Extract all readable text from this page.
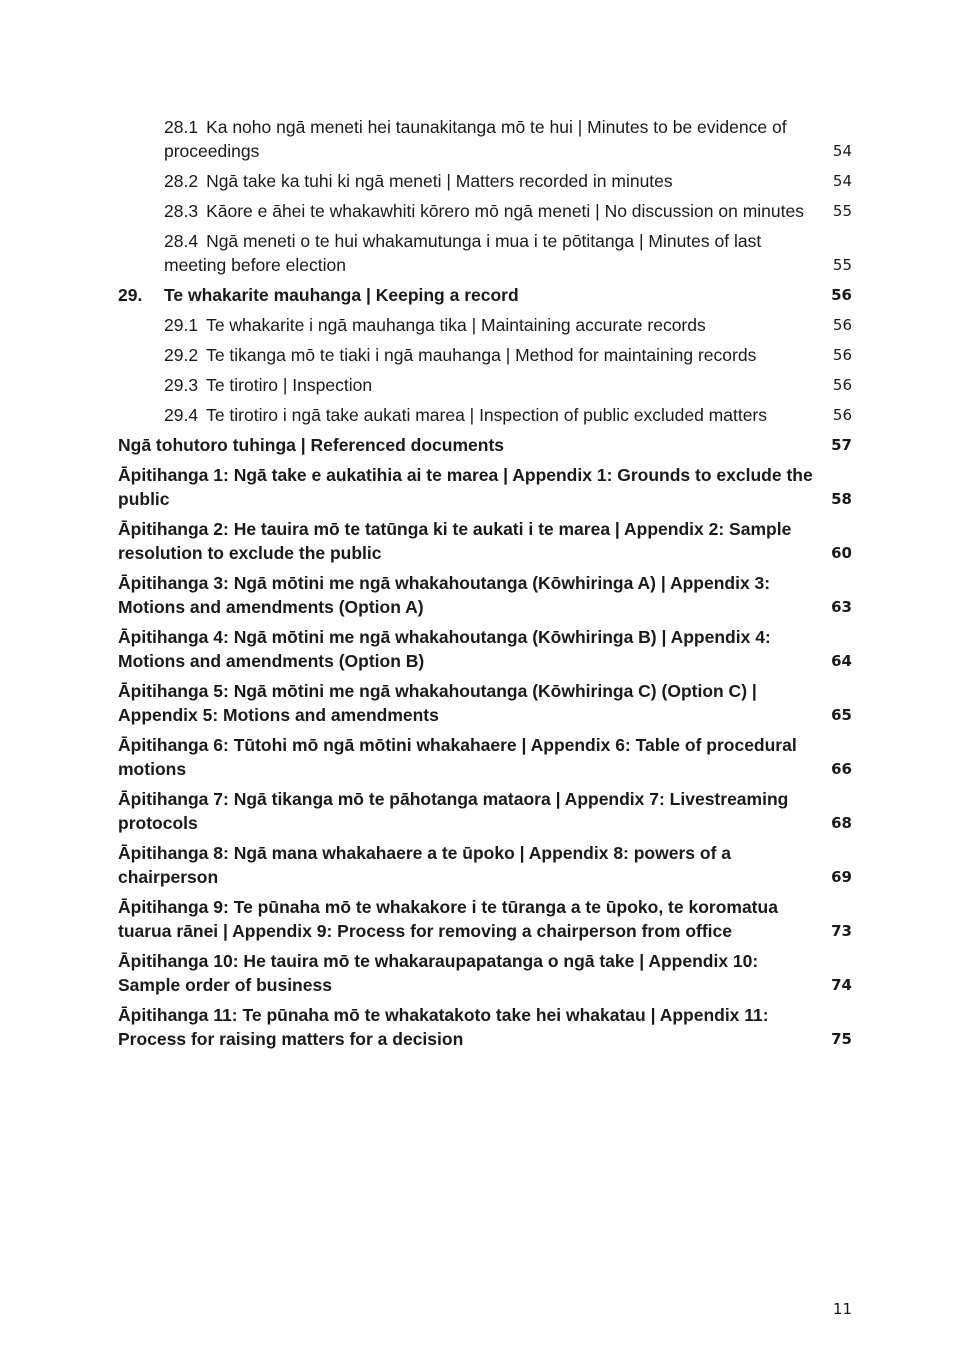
28.1 Ka noho ngā meneti hei taunakitanga mō te hui | Minutes to be evidence of proceedings	54
28.2 Ngā take ka tuhi ki ngā meneti | Matters recorded in minutes	54
28.3 Kāore e āhei te whakawhiti kōrero mō ngā meneti | No discussion on minutes	55
28.4 Ngā meneti o te hui whakamutunga i mua i te pōtitanga | Minutes of last meeting before election	55
29. Te whakarite mauhanga | Keeping a record	56
29.1 Te whakarite i ngā mauhanga tika | Maintaining accurate records	56
29.2 Te tikanga mō te tiaki i ngā mauhanga | Method for maintaining records	56
29.3 Te tirotiro | Inspection	56
29.4 Te tirotiro i ngā take aukati marea | Inspection of public excluded matters	56
Ngā tohutoro tuhinga | Referenced documents	57
Āpitihanga 1: Ngā take e aukatihia ai te marea | Appendix 1: Grounds to exclude the public	58
Āpitihanga 2: He tauira mō te tatūnga ki te aukati i te marea | Appendix 2: Sample resolution to exclude the public	60
Āpitihanga 3: Ngā mōtini me ngā whakahoutanga (Kōwhiringa A) | Appendix 3: Motions and amendments (Option A)	63
Āpitihanga 4: Ngā mōtini me ngā whakahoutanga (Kōwhiringa B) | Appendix 4: Motions and amendments (Option B)	64
Āpitihanga 5: Ngā mōtini me ngā whakahoutanga (Kōwhiringa C) (Option C) | Appendix 5: Motions and amendments	65
Āpitihanga 6: Tūtohi mō ngā mōtini whakahaere | Appendix 6: Table of procedural motions	66
Āpitihanga 7: Ngā tikanga mō te pāhotanga mataora | Appendix 7: Livestreaming protocols	68
Āpitihanga 8: Ngā mana whakahaere a te ūpoko | Appendix 8: powers of a chairperson	69
Āpitihanga 9: Te pūnaha mō te whakakore i te tūranga a te ūpoko, te koromatua tuarua rānei | Appendix 9: Process for removing a chairperson from office	73
Āpitihanga 10: He tauira mō te whakaraupapatanga o ngā take | Appendix 10: Sample order of business	74
Āpitihanga 11: Te pūnaha mō te whakatakoto take hei whakatau | Appendix 11: Process for raising matters for a decision	75
11
